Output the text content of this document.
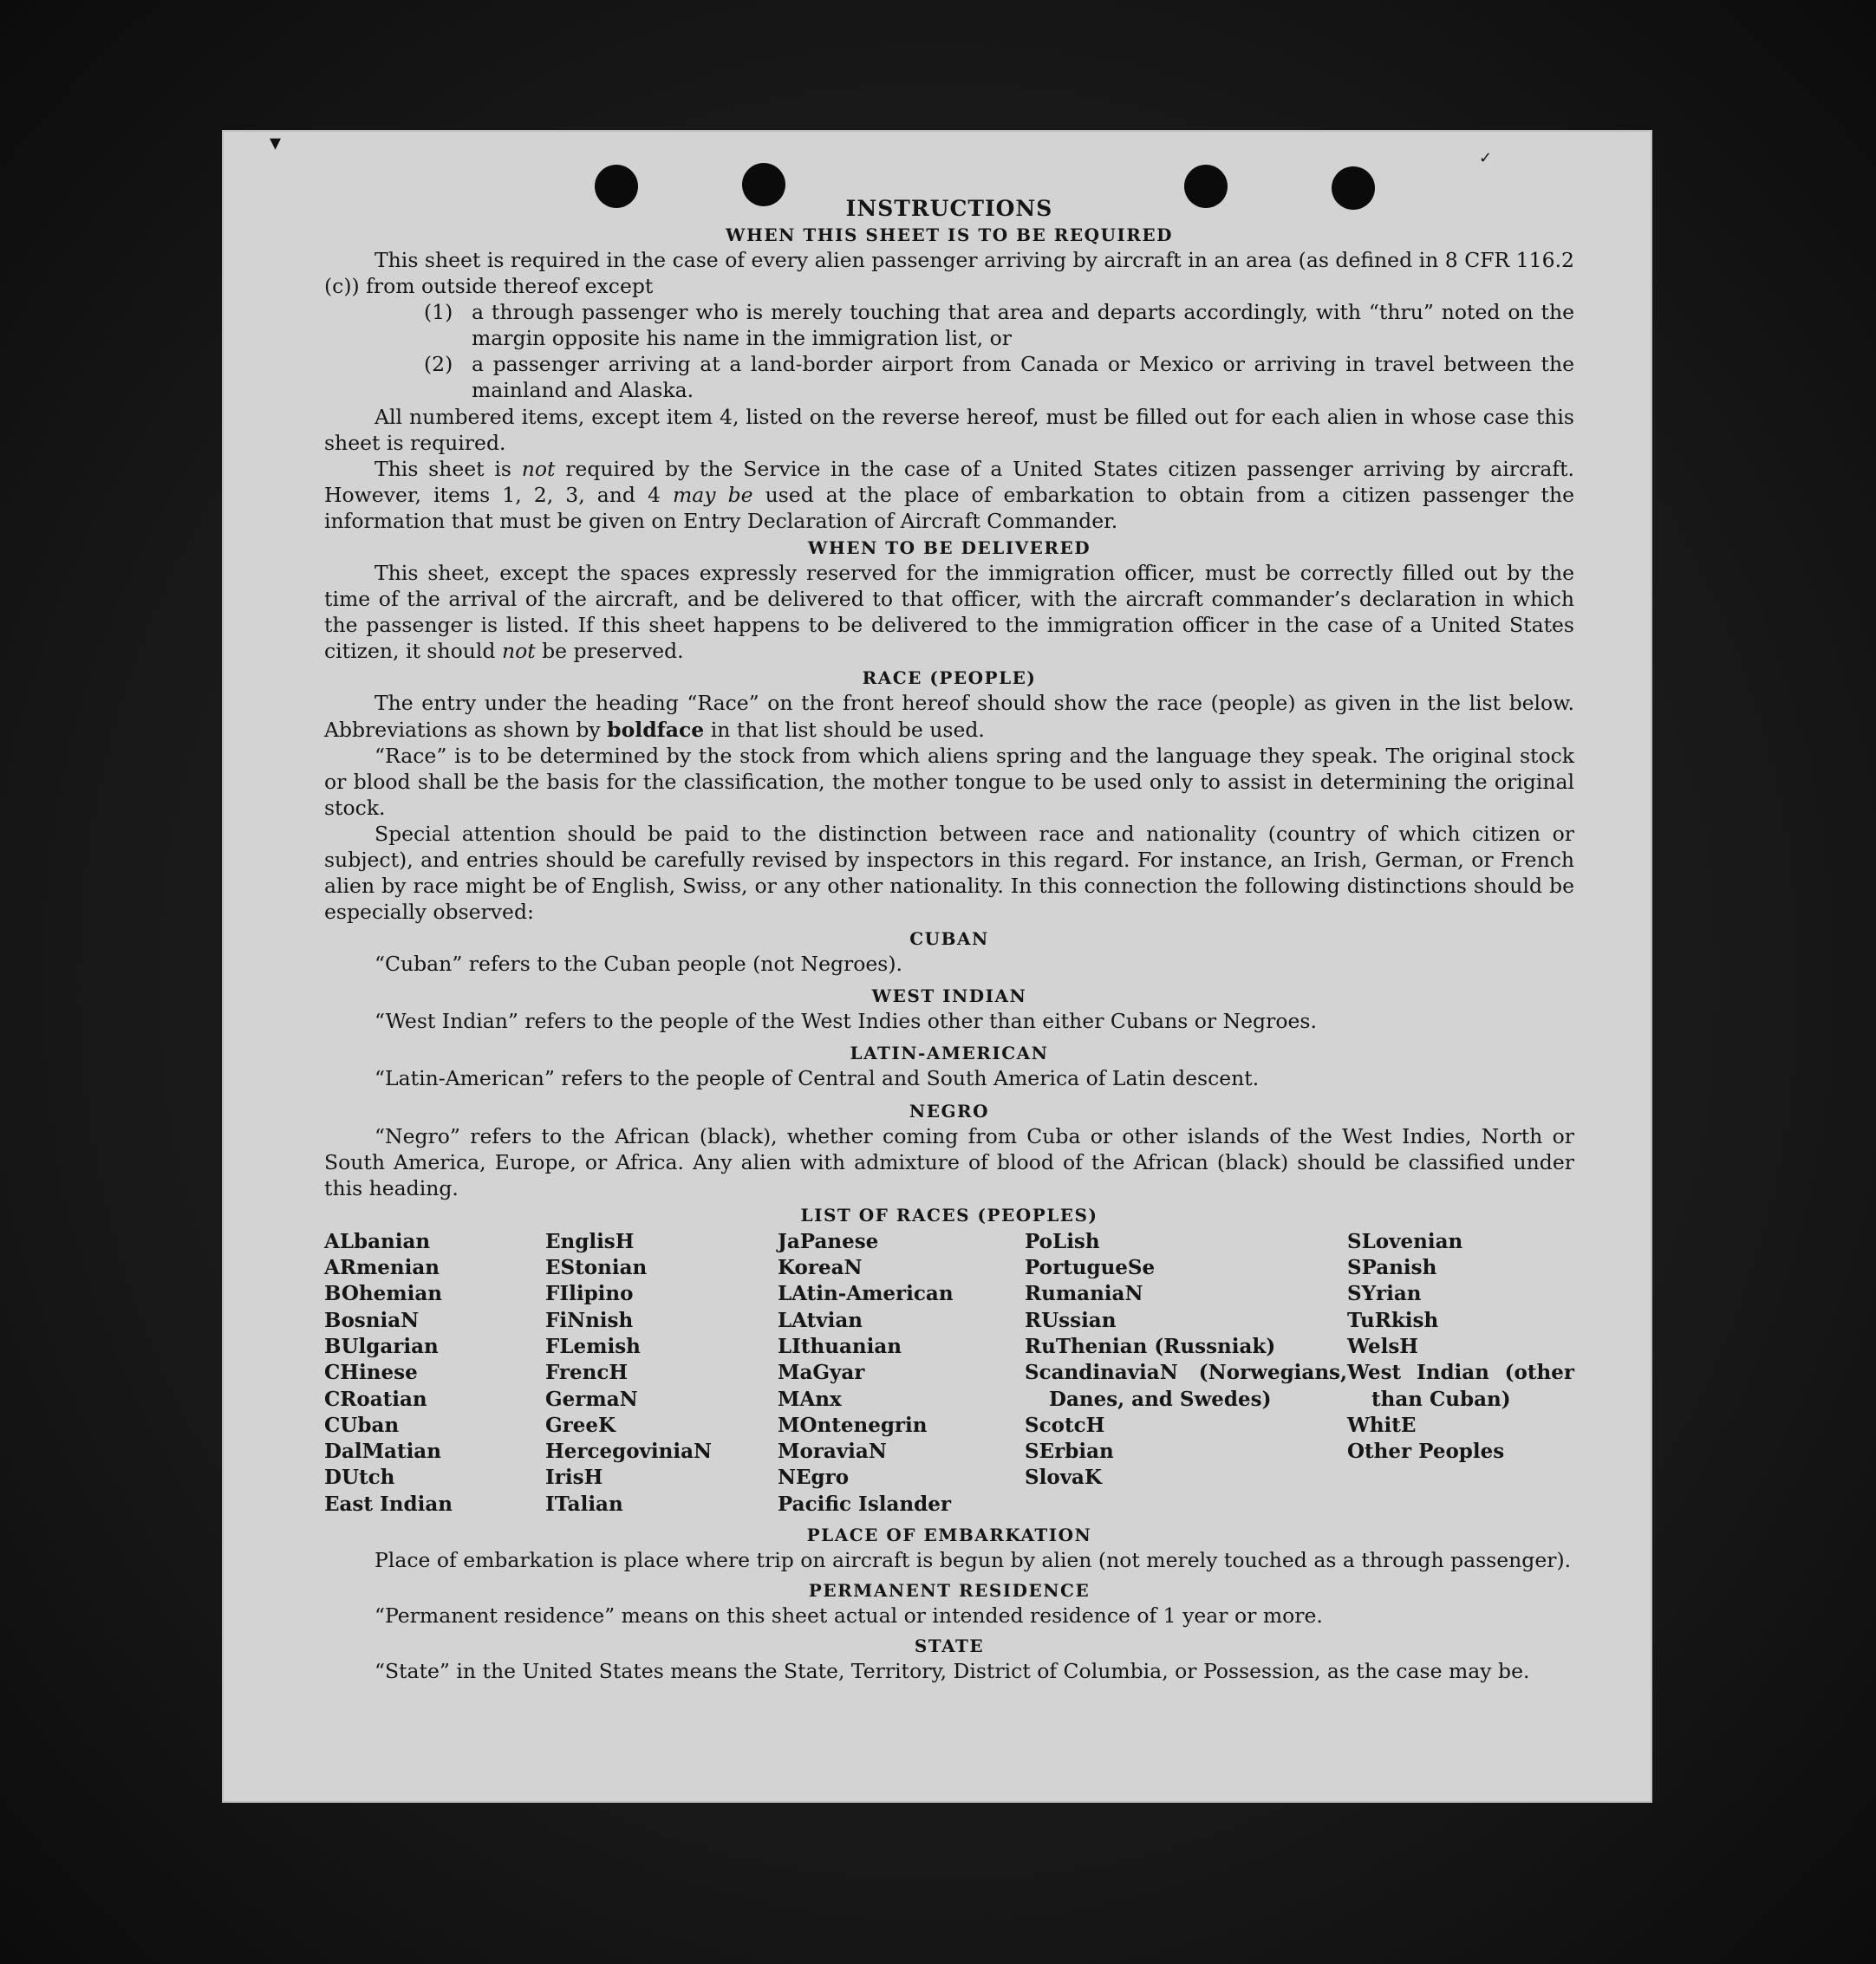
▾
✓

INSTRUCTIONS
WHEN THIS SHEET IS TO BE REQUIRED

This sheet is required in the case of every alien passenger arriving by aircraft in an area (as defined in 8 CFR 116.2 (c)) from outside thereof except

(1) a through passenger who is merely touching that area and departs accordingly, with “thru” noted on the margin opposite his name in the immigration list, or
(2) a passenger arriving at a land-border airport from Canada or Mexico or arriving in travel between the mainland and Alaska.

All numbered items, except item 4, listed on the reverse hereof, must be filled out for each alien in whose case this sheet is required.

This sheet is not required by the Service in the case of a United States citizen passenger arriving by aircraft. However, items 1, 2, 3, and 4 may be used at the place of embarkation to obtain from a citizen passenger the information that must be given on Entry Declaration of Aircraft Commander.

WHEN TO BE DELIVERED

This sheet, except the spaces expressly reserved for the immigration officer, must be correctly filled out by the time of the arrival of the aircraft, and be delivered to that officer, with the aircraft commander’s declaration in which the passenger is listed. If this sheet happens to be delivered to the immigration officer in the case of a United States citizen, it should not be preserved.

RACE (PEOPLE)

The entry under the heading “Race” on the front hereof should show the race (people) as given in the list below. Abbreviations as shown by boldface in that list should be used.

“Race” is to be determined by the stock from which aliens spring and the language they speak. The original stock or blood shall be the basis for the classification, the mother tongue to be used only to assist in determining the original stock.

Special attention should be paid to the distinction between race and nationality (country of which citizen or subject), and entries should be carefully revised by inspectors in this regard. For instance, an Irish, German, or French alien by race might be of English, Swiss, or any other nationality. In this connection the following distinctions should be especially observed:

CUBAN

“Cuban” refers to the Cuban people (not Negroes).

WEST INDIAN

“West Indian” refers to the people of the West Indies other than either Cubans or Negroes.

LATIN-AMERICAN

“Latin-American” refers to the people of Central and South America of Latin descent.

NEGRO

“Negro” refers to the African (black), whether coming from Cuba or other islands of the West Indies, North or South America, Europe, or Africa. Any alien with admixture of blood of the African (black) should be classified under this heading.

LIST OF RACES (PEOPLES)
ALbanian
ARmenian
BOhemian
BosniaN
BUlgarian
CHinese
CRoatian
CUban
DalMatian
DUtch
East Indian
EnglisH
EStonian
FIlipino
FiNnish
FLemish
FrencH
GermaN
GreeK
HercegoviniaN
IrisH
ITalian
JaPanese
KoreaN
LAtin-American
LAtvian
LIthuanian
MaGyar
MAnx
MOntenegrin
MoraviaN
NEgro
Pacific Islander
PoLish
PortugueSe
RumaniaN
RUssian
RuThenian (Russniak)
ScandinaviaN (Norwegians, Danes, and Swedes)
ScotcH
SErbian
SlovaK
SLovenian
SPanish
SYrian
TuRkish
WelsH
West Indian (other than Cuban)
WhitE
Other Peoples
PLACE OF EMBARKATION

Place of embarkation is place where trip on aircraft is begun by alien (not merely touched as a through passenger).

PERMANENT RESIDENCE

“Permanent residence” means on this sheet actual or intended residence of 1 year or more.

STATE

“State” in the United States means the State, Territory, District of Columbia, or Possession, as the case may be.
